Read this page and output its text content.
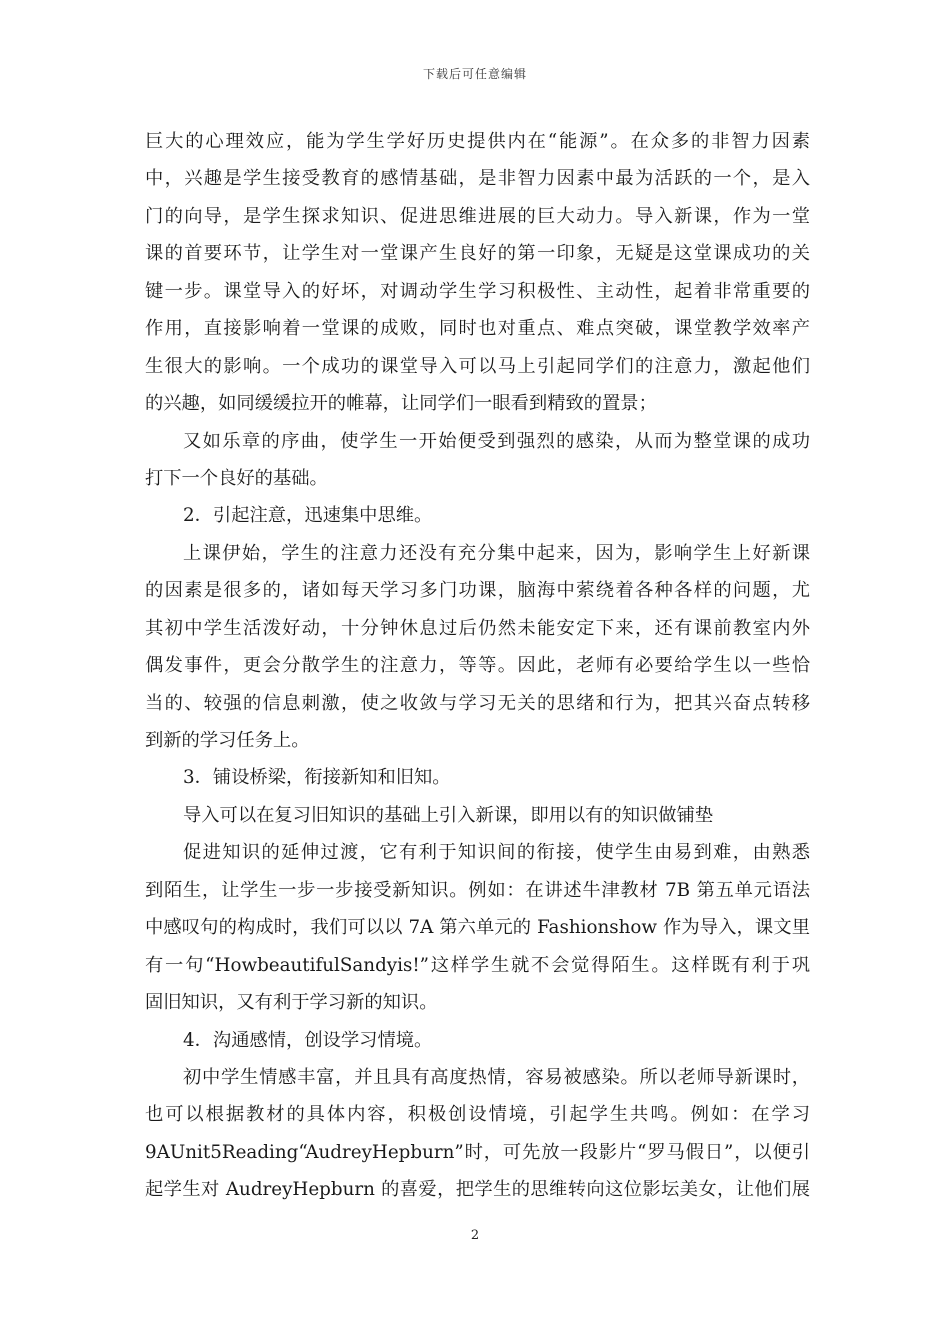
下载后可任意编辑
巨大的心理效应，能为学生学好历史提供内在“能源”。在众多的非智力因素
中，兴趣是学生接受教育的感情基础，是非智力因素中最为活跃的一个，是入
门的向导，是学生探求知识、促进思维进展的巨大动力。导入新课，作为一堂
课的首要环节，让学生对一堂课产生良好的第一印象，无疑是这堂课成功的关
键一步。课堂导入的好坏，对调动学生学习积极性、主动性，起着非常重要的
作用，直接影响着一堂课的成败，同时也对重点、难点突破，课堂教学效率产
生很大的影响。一个成功的课堂导入可以马上引起同学们的注意力，激起他们
的兴趣，如同缓缓拉开的帷幕，让同学们一眼看到精致的置景；
又如乐章的序曲，使学生一开始便受到强烈的感染，从而为整堂课的成功
打下一个良好的基础。
2．引起注意，迅速集中思维。
上课伊始，学生的注意力还没有充分集中起来，因为，影响学生上好新课
的因素是很多的，诸如每天学习多门功课，脑海中萦绕着各种各样的问题，尤
其初中学生活泼好动，十分钟休息过后仍然未能安定下来，还有课前教室内外
偶发事件，更会分散学生的注意力，等等。因此，老师有必要给学生以一些恰
当的、较强的信息刺激，使之收敛与学习无关的思绪和行为，把其兴奋点转移
到新的学习任务上。
3．铺设桥梁，衔接新知和旧知。
导入可以在复习旧知识的基础上引入新课，即用以有的知识做铺垫
促进知识的延伸过渡，它有利于知识间的衔接，使学生由易到难，由熟悉
到陌生，让学生一步一步接受新知识。例如：在讲述牛津教材 7B 第五单元语法
中感叹句的构成时，我们可以以 7A 第六单元的 Fashionshow 作为导入，课文里
有一句“HowbeautifulSandyis!”这样学生就不会觉得陌生。这样既有利于巩
固旧知识，又有利于学习新的知识。
4．沟通感情，创设学习情境。
初中学生情感丰富，并且具有高度热情，容易被感染。所以老师导新课时，
也可以根据教材的具体内容，积极创设情境，引起学生共鸣。例如：在学习
9AUnit5Reading“AudreyHepburn”时，可先放一段影片“罗马假日”，以便引
起学生对 AudreyHepburn 的喜爱，把学生的思维转向这位影坛美女，让他们展
2
